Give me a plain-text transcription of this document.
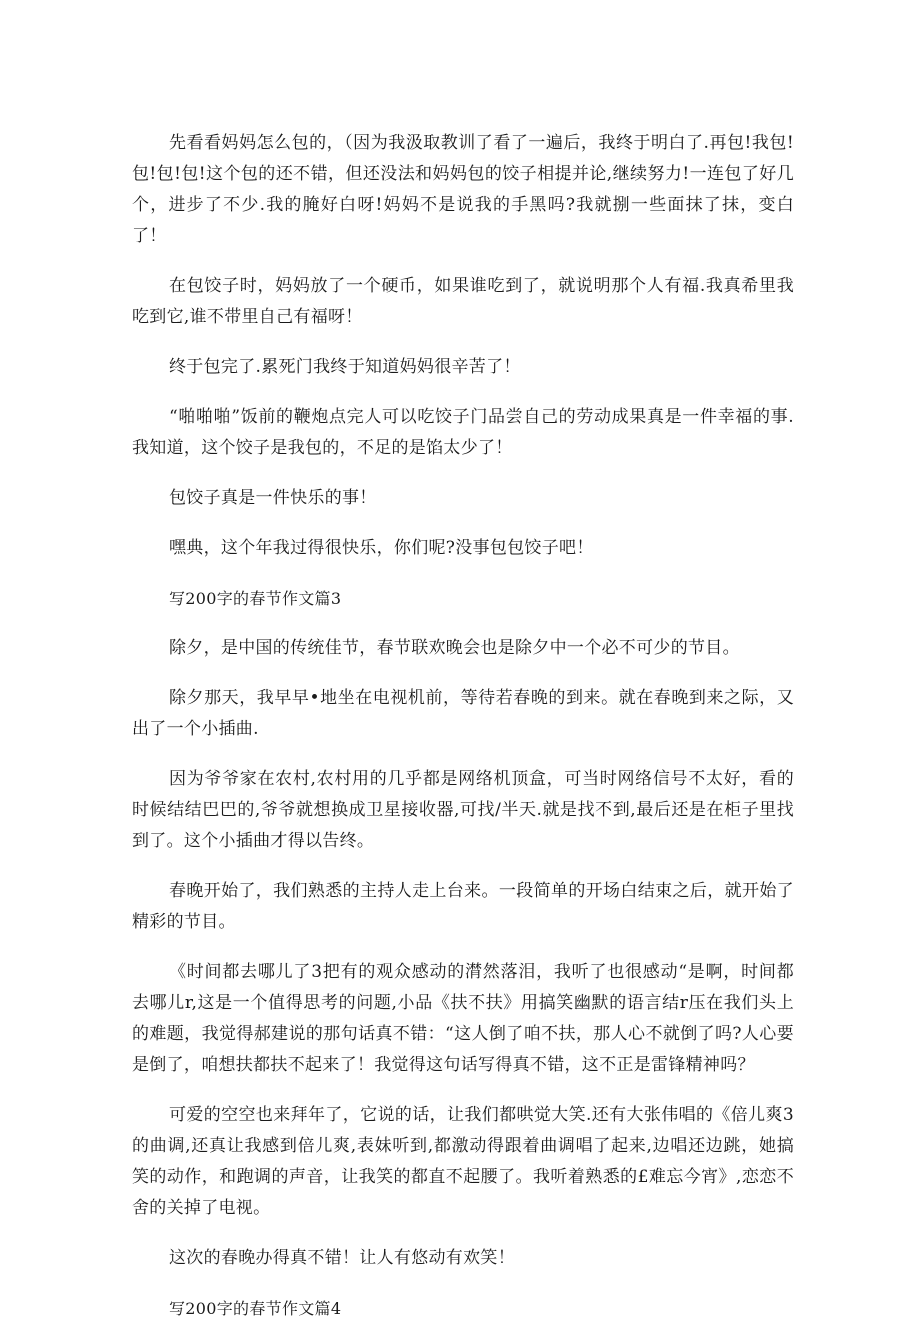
先看看妈妈怎么包的，（因为我汲取教训了看了一遍后，我终于明白了.再包!我包!包!包!包!这个包的还不错，但还没法和妈妈包的饺子相提并论,继续努力!一连包了好几个，进步了不少.我的腌好白呀!妈妈不是说我的手黑吗?我就捌一些面抹了抹，变白了！

在包饺子时，妈妈放了一个硬币，如果谁吃到了，就说明那个人有福.我真希里我吃到它,谁不带里自己有福呀！

终于包完了.累死门我终于知道妈妈很辛苦了！

“啪啪啪”饭前的鞭炮点完人可以吃饺子门品尝自己的劳动成果真是一件幸福的事.我知道，这个饺子是我包的，不足的是馅太少了！

包饺子真是一件快乐的事！

嘿典，这个年我过得很快乐，你们呢?没事包包饺子吧！

写200字的春节作文篇3

除夕，是中国的传统佳节，春节联欢晚会也是除夕中一个必不可少的节目。

除夕那天，我早早•地坐在电视机前，等待若春晚的到来。就在春晚到来之际，又出了一个小插曲.

因为爷爷家在农村,农村用的几乎都是网络机顶盒，可当时网络信号不太好，看的时候结结巴巴的,爷爷就想换成卫星接收器,可找/半天.就是找不到,最后还是在柜子里找到了。这个小插曲才得以告终。

春晚开始了，我们熟悉的主持人走上台来。一段简单的开场白结束之后，就开始了精彩的节目。

《时间都去哪儿了3把有的观众感动的潸然落泪，我听了也很感动“是啊，时间都去哪儿r,这是一个值得思考的问题,小品《扶不扶》用搞笑幽默的语言结r压在我们头上的难题，我觉得郝建说的那句话真不错：“这人倒了咱不扶，那人心不就倒了吗?人心要是倒了，咱想扶都扶不起来了！我觉得这句话写得真不错，这不正是雷锋精神吗？

可爱的空空也来拜年了，它说的话，让我们都哄觉大笑.还有大张伟唱的《倍儿爽3的曲调,还真让我感到倍儿爽,表妹听到,都激动得跟着曲调唱了起来,边唱还边跳，她搞笑的动作，和跑调的声音，让我笑的都直不起腰了。我听着熟悉的£难忘今宵》,恋恋不舍的关掉了电视。

这次的春晚办得真不错！让人有悠动有欢笑！

写200字的春节作文篇4
